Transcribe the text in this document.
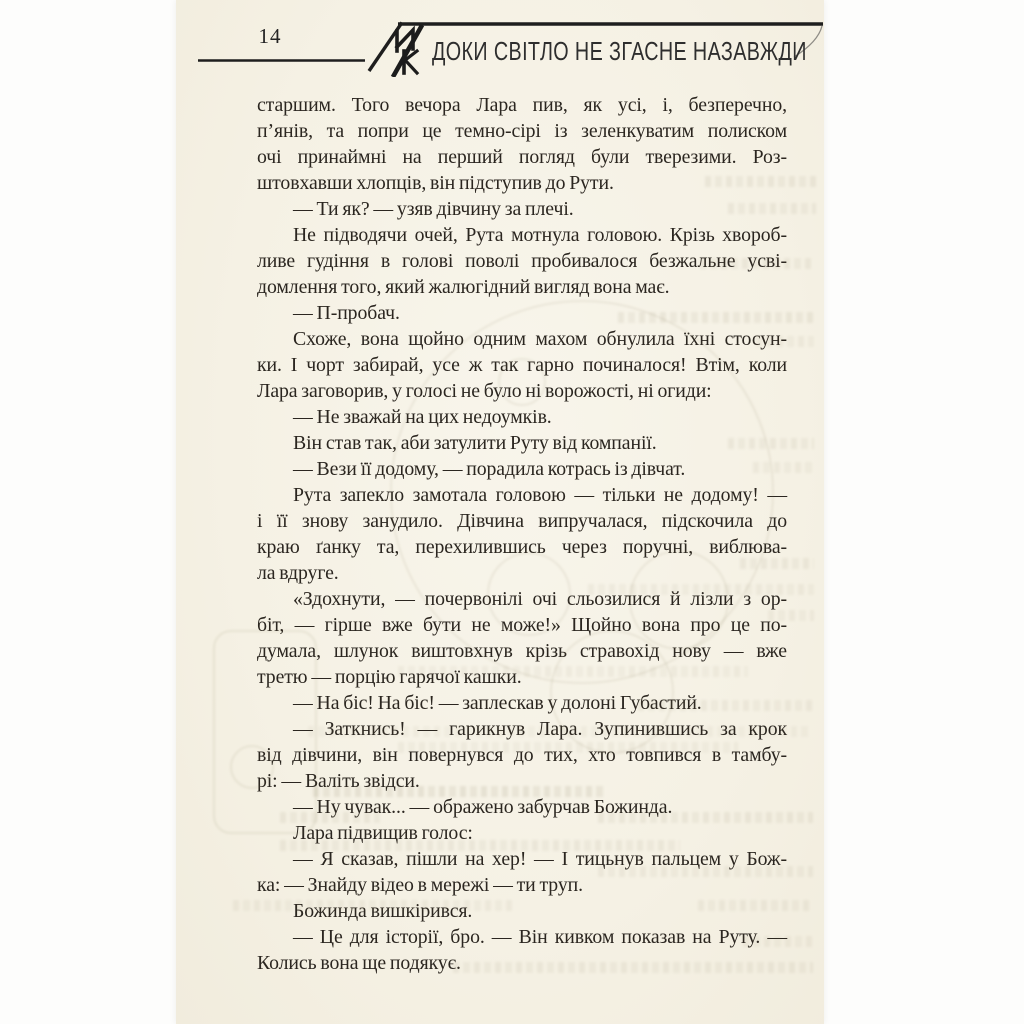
14	ДОКИ СВІТЛО НЕ ЗГАСНЕ НАЗАВЖДИ
старшим. Того вечора Лара пив, як усі, і, безперечно,
п’янів, та попри це темно-сірі із зеленкуватим полиском
очі принаймні на перший погляд були тверезими. Роз-
штовхавши хлопців, він підступив до Рути.
— Ти як? — узяв дівчину за плечі.
Не підводячи очей, Рута мотнула головою. Крізь хвороб-
ливе гудіння в голові поволі пробивалося безжальне усві-
домлення того, який жалюгідний вигляд вона має.
— П-пробач.
Схоже, вона щойно одним махом обнулила їхні стосун-
ки. І чорт забирай, усе ж так гарно починалося! Втім, коли
Лара заговорив, у голосі не було ні ворожості, ні огиди:
— Не зважай на цих недоумків.
Він став так, аби затулити Руту від компанії.
— Вези її додому, — порадила котрась із дівчат.
Рута запекло замотала головою — тільки не додому! —
і її знову занудило. Дівчина випручалася, підскочила до
краю ґанку та, перехилившись через поручні, виблюва-
ла вдруге.
«Здохнути, — почервонілі очі сльозилися й лізли з ор-
біт, — гірше вже бути не може!» Щойно вона про це по-
думала, шлунок виштовхнув крізь стравохід нову — вже
третю — порцію гарячої кашки.
— На біс! На біс! — заплескав у долоні Губастий.
— Заткнись! — гарикнув Лара. Зупинившись за крок
від дівчини, він повернувся до тих, хто товпився в тамбу-
рі: — Валіть звідси.
— Ну чувак... — ображено забурчав Божинда.
Лара підвищив голос:
— Я сказав, пішли на хер! — І тицьнув пальцем у Бож-
ка: — Знайду відео в мережі — ти труп.
Божинда вишкірився.
— Це для історії, бро. — Він кивком показав на Руту. —
Колись вона ще подякує.
